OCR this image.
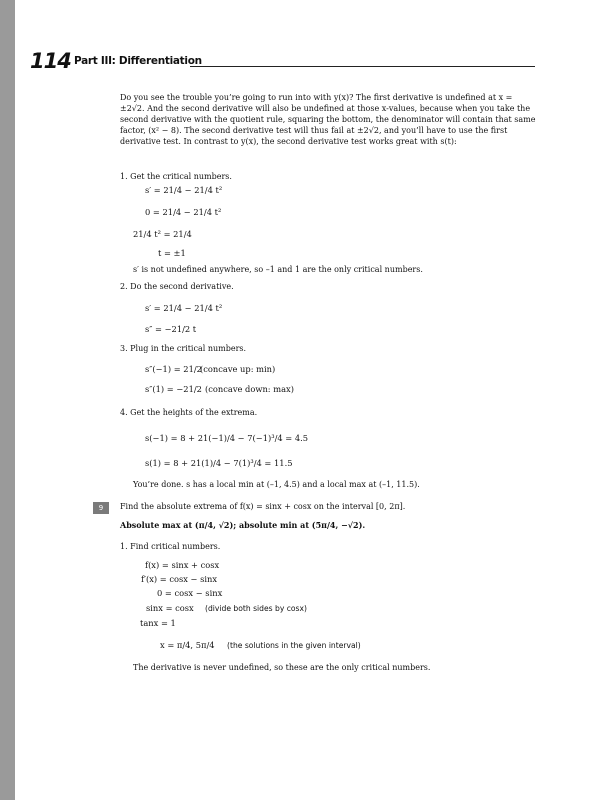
114 Part III: Differentiation
Do you see the trouble you’re going to run into with y(x)? The first derivative is undefined at x = ±2√2. And the second derivative will also be undefined at those x-values, because when you take the second derivative with the quotient rule, squaring the bottom, the denominator will contain that same factor, (x² − 8). The second derivative test will thus fail at ±2√2, and you’ll have to use the first derivative test. In contrast to y(x), the second derivative test works great with s(t):
1. Get the critical numbers.
s′ = 21/4 − 21/4 t²
0 = 21/4 − 21/4 t²
21/4 t² = 21/4
t = ±1
s′ is not undefined anywhere, so –1 and 1 are the only critical numbers.
2. Do the second derivative.
s′ = 21/4 − 21/4 t²
s″ = −21/2 t
3. Plug in the critical numbers.
s″(−1) = 21/2
(concave up: min)
s″(1) = −21/2 (concave down: max)
4. Get the heights of the extrema.
s(−1) = 8 + 21(−1)/4 − 7(−1)³/4 = 4.5
s(1) = 8 + 21(1)/4 − 7(1)³/4 = 11.5
You’re done. s has a local min at (–1, 4.5) and a local max at (–1, 11.5).
9	Find the absolute extrema of f(x) = sinx + cosx on the interval [0, 2π].
Absolute max at (π/4, √2); absolute min at (5π/4, −√2).
1. Find critical numbers.
f(x) = sinx + cosx
f′(x) = cosx − sinx
0 = cosx − sinx
sinx = cosx (divide both sides by cosx)
tanx = 1
x = π/4, 5π/4 (the solutions in the given interval)
The derivative is never undefined, so these are the only critical numbers.
